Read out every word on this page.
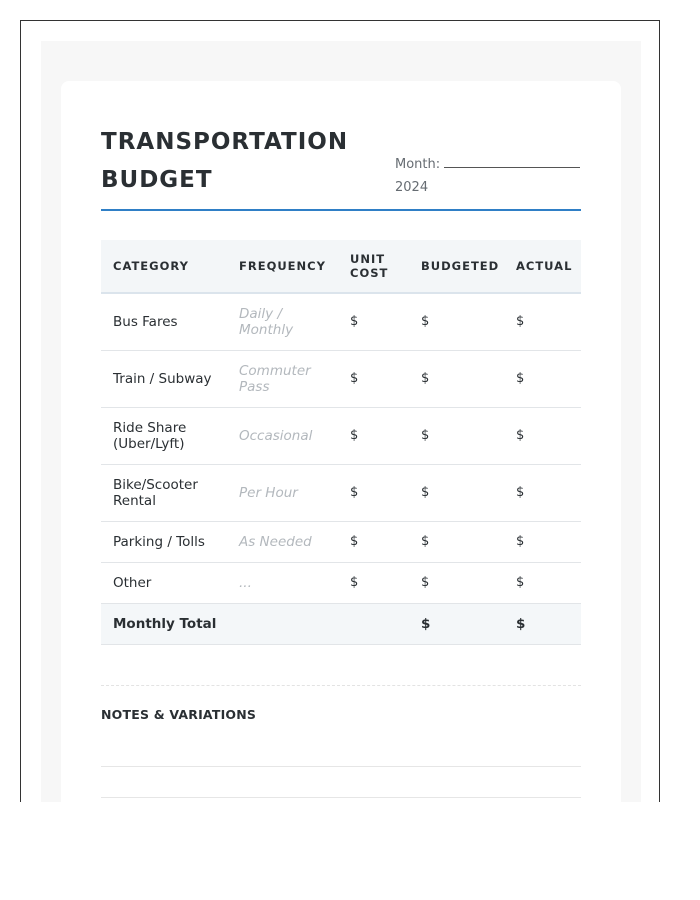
TRANSPORTATION BUDGET
Month:
2024
CATEGORY	FREQUENCY	UNIT COST	BUDGETED	ACTUAL
Bus Fares	Daily / Monthly	$	$	$
Train / Subway	Commuter Pass	$	$	$
Ride Share (Uber/Lyft)	Occasional	$	$	$
Bike/Scooter Rental	Per Hour	$	$	$
Parking / Tolls	As Needed	$	$	$
Other	...	$	$	$
Monthly Total			$	$
NOTES & VARIATIONS
